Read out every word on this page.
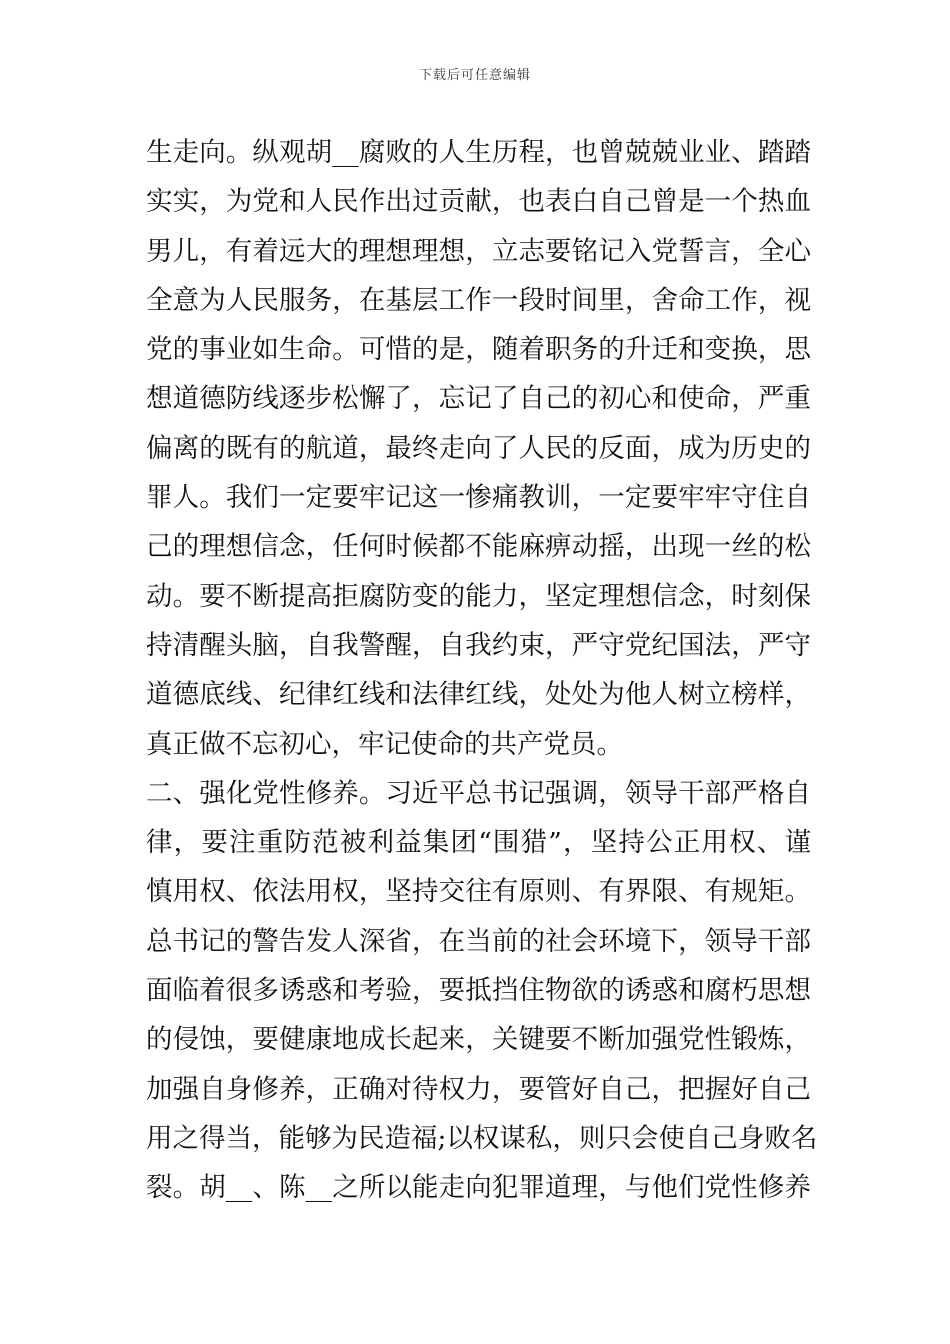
下载后可任意编辑
生走向。纵观胡__腐败的人生历程，也曾兢兢业业、踏踏
实实，为党和人民作出过贡献，也表白自己曾是一个热血
男儿，有着远大的理想理想，立志要铭记入党誓言，全心
全意为人民服务，在基层工作一段时间里，舍命工作，视
党的事业如生命。可惜的是，随着职务的升迁和变换，思
想道德防线逐步松懈了，忘记了自己的初心和使命，严重
偏离的既有的航道，最终走向了人民的反面，成为历史的
罪人。我们一定要牢记这一惨痛教训，一定要牢牢守住自
己的理想信念，任何时候都不能麻痹动摇，出现一丝的松
动。要不断提高拒腐防变的能力，坚定理想信念，时刻保
持清醒头脑，自我警醒，自我约束，严守党纪国法，严守
道德底线、纪律红线和法律红线，处处为他人树立榜样，
真正做不忘初心，牢记使命的共产党员。
二、强化党性修养。习近平总书记强调，领导干部严格自
律，要注重防范被利益集团“围猎”，坚持公正用权、谨
慎用权、依法用权，坚持交往有原则、有界限、有规矩。
总书记的警告发人深省，在当前的社会环境下，领导干部
面临着很多诱惑和考验，要抵挡住物欲的诱惑和腐朽思想
的侵蚀，要健康地成长起来，关键要不断加强党性锻炼，
加强自身修养，正确对待权力，要管好自己，把握好自己
用之得当，能够为民造福;以权谋私，则只会使自己身败名
裂。胡__、陈__之所以能走向犯罪道理，与他们党性修养
